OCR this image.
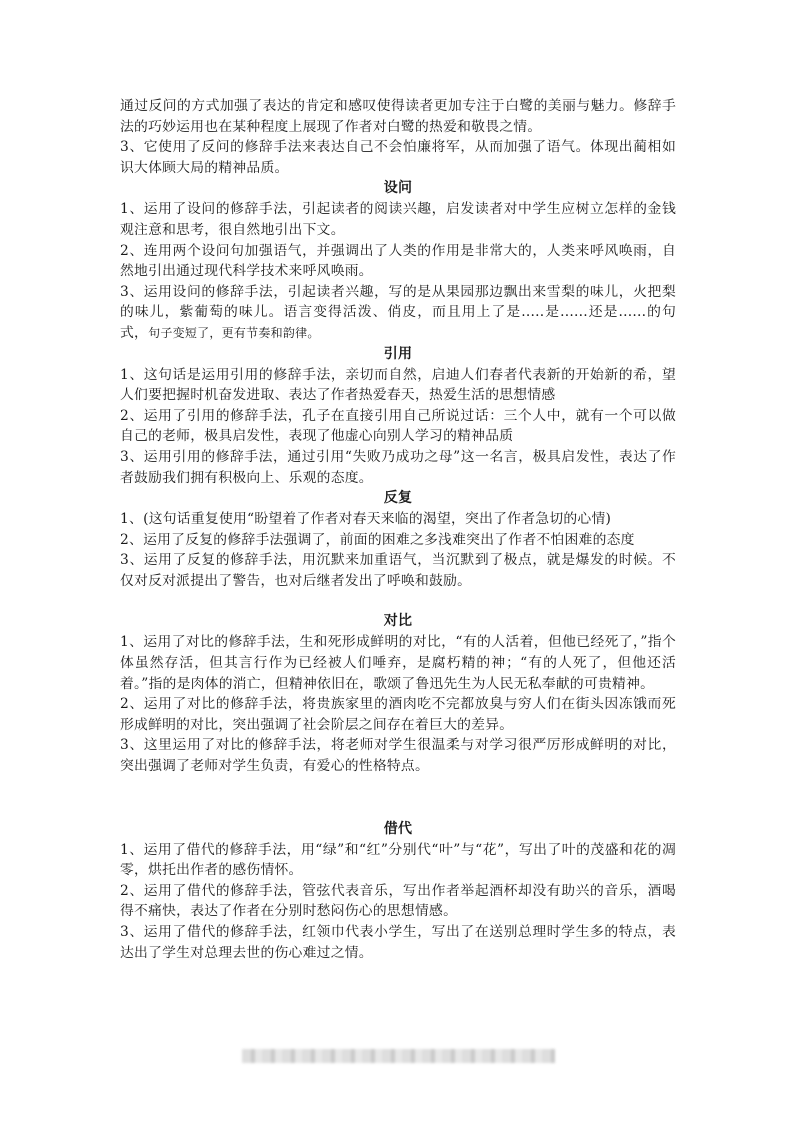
通过反问的方式加强了表达的肯定和感叹使得读者更加专注于白鹭的美丽与魅力。修辞手法的巧妙运用也在某种程度上展现了作者对白鹭的热爱和敬畏之情。

3、它使用了反问的修辞手法来表达自己不会怕廉将军，从而加强了语气。体现出蔺相如识大体顾大局的精神品质。

设问

1、运用了设问的修辞手法，引起读者的阅读兴趣，启发读者对中学生应树立怎样的金钱观注意和思考，很自然地引出下文。

2、连用两个设问句加强语气，并强调出了人类的作用是非常大的，人类来呼风唤雨，自然地引出通过现代科学技术来呼风唤雨。

3、运用设问的修辞手法，引起读者兴趣，写的是从果园那边飘出来雪梨的味儿，火把梨的味儿，紫葡萄的味儿。语言变得活泼、俏皮，而且用上了是.....是......还是......的句式，句子变短了，更有节奏和韵律。

引用

1、这句话是运用引用的修辞手法，亲切而自然，启迪人们春者代表新的开始新的希，望人们要把握时机奋发进取、表达了作者热爱春天，热爱生活的思想情感

2、运用了引用的修辞手法，孔子在直接引用自己所说过话：三个人中，就有一个可以做自己的老师，极具启发性，表现了他虚心向别人学习的精神品质

3、运用引用的修辞手法，通过引用“失败乃成功之母”这一名言，极具启发性，表达了作者鼓励我们拥有积极向上、乐观的态度。

反复

1、(这句话重复使用“盼望着了作者对春天来临的渴望，突出了作者急切的心情)

2、运用了反复的修辞手法强调了，前面的困难之多浅难突出了作者不怕困难的态度

3、运用了反复的修辞手法，用沉默来加重语气，当沉默到了极点，就是爆发的时候。不仅对反对派提出了警告，也对后继者发出了呼唤和鼓励。

对比

1、运用了对比的修辞手法，生和死形成鲜明的对比，“有的人活着，但他已经死了，”指个体虽然存活，但其言行作为已经被人们唾弃，是腐朽精的神；“有的人死了，但他还活着。”指的是肉体的消亡，但精神依旧在，歌颂了鲁迅先生为人民无私奉献的可贵精神。

2、运用了对比的修辞手法，将贵族家里的酒肉吃不完都放臭与穷人们在街头因冻饿而死形成鲜明的对比，突出强调了社会阶层之间存在着巨大的差异。

3、这里运用了对比的修辞手法，将老师对学生很温柔与对学习很严厉形成鲜明的对比，突出强调了老师对学生负责，有爱心的性格特点。

借代

1、运用了借代的修辞手法，用“绿”和“红”分别代“叶”与“花”，写出了叶的茂盛和花的凋零，烘托出作者的感伤情怀。

2、运用了借代的修辞手法，管弦代表音乐，写出作者举起酒杯却没有助兴的音乐，酒喝得不痛快，表达了作者在分别时愁闷伤心的思想情感。

3、运用了借代的修辞手法，红领巾代表小学生，写出了在送别总理时学生多的特点，表达出了学生对总理去世的伤心难过之情。
